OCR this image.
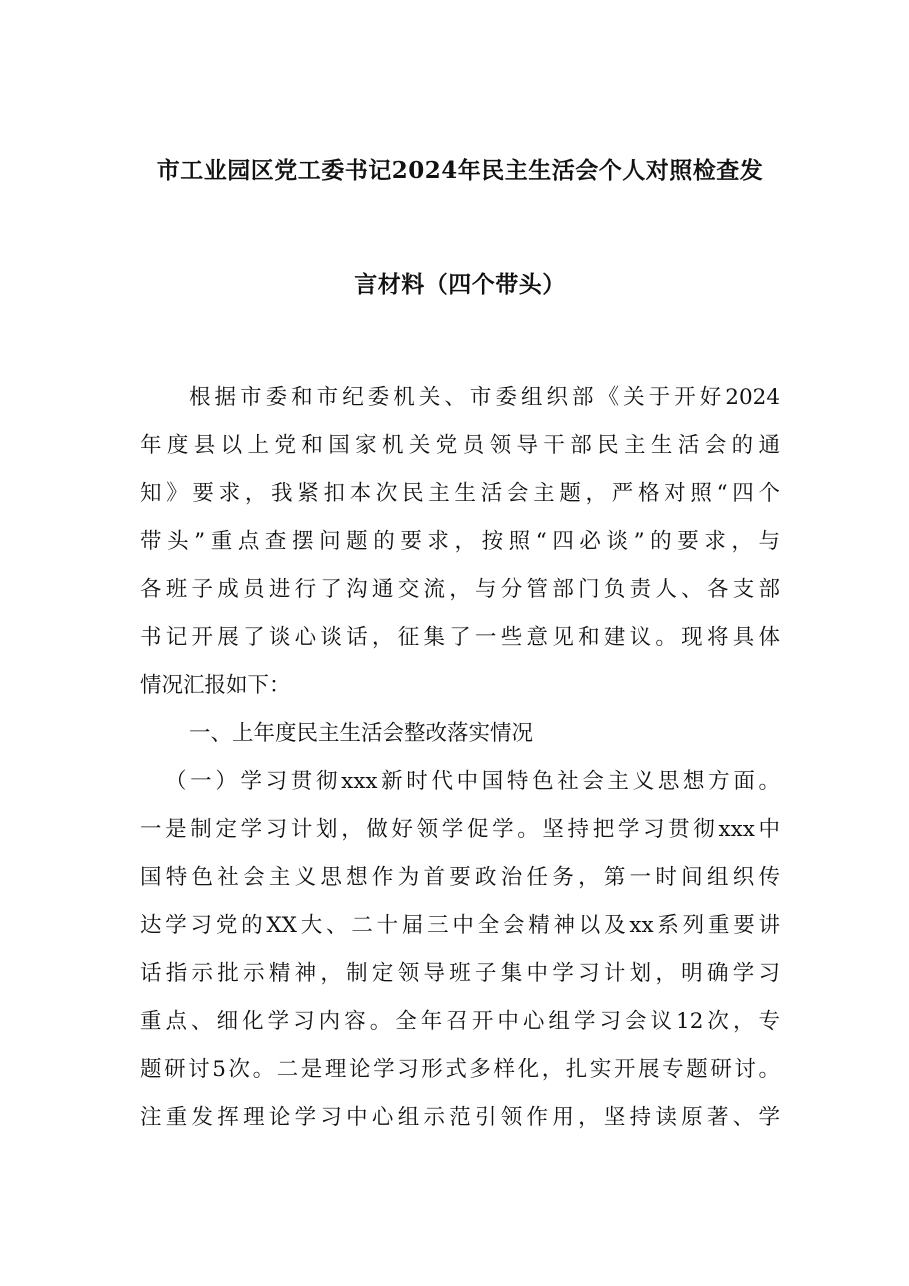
市工业园区党工委书记2024年民主生活会个人对照检查发
言材料（四个带头）
根据市委和市纪委机关、市委组织部《关于开好2024
年度县以上党和国家机关党员领导干部民主生活会的通
知》要求，我紧扣本次民主生活会主题，严格对照“四个
带头”重点查摆问题的要求，按照“四必谈”的要求，与
各班子成员进行了沟通交流，与分管部门负责人、各支部
书记开展了谈心谈话，征集了一些意见和建议。现将具体
情况汇报如下：
一、上年度民主生活会整改落实情况
（一）学习贯彻xxx新时代中国特色社会主义思想方面。
一是制定学习计划，做好领学促学。坚持把学习贯彻xxx中
国特色社会主义思想作为首要政治任务，第一时间组织传
达学习党的XX大、二十届三中全会精神以及xx系列重要讲
话指示批示精神，制定领导班子集中学习计划，明确学习
重点、细化学习内容。全年召开中心组学习会议12次，专
题研讨5次。二是理论学习形式多样化，扎实开展专题研讨。
注重发挥理论学习中心组示范引领作用，坚持读原著、学
